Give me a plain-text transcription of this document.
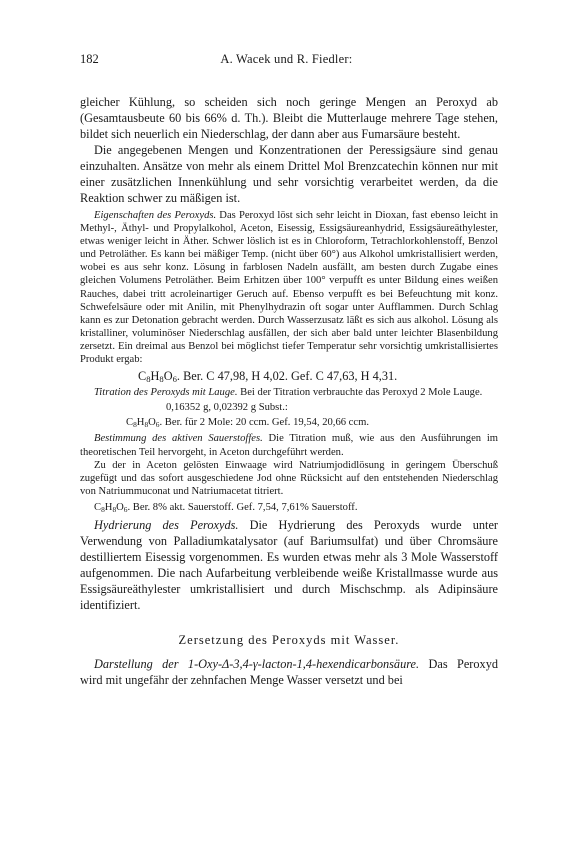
182	A. Wacek und R. Fiedler:

gleicher Kühlung, so scheiden sich noch geringe Mengen an Peroxyd ab (Gesamtausbeute 60 bis 66% d. Th.). Bleibt die Mutterlauge mehrere Tage stehen, bildet sich neuerlich ein Niederschlag, der dann aber aus Fumarsäure besteht.

Die angegebenen Mengen und Konzentrationen der Peressigsäure sind genau einzuhalten. Ansätze von mehr als einem Drittel Mol Brenzcatechin können nur mit einer zusätzlichen Innenkühlung und sehr vorsichtig verarbeitet werden, da die Reaktion schwer zu mäßigen ist.

Eigenschaften des Peroxyds. Das Peroxyd löst sich sehr leicht in Dioxan, fast ebenso leicht in Methyl-, Äthyl- und Propylalkohol, Aceton, Eisessig, Essigsäureanhydrid, Essigsäureäthylester, etwas weniger leicht in Äther. Schwer löslich ist es in Chloroform, Tetrachlorkohlenstoff, Benzol und Petroläther. Es kann bei mäßiger Temp. (nicht über 60°) aus Alkohol umkristallisiert werden, wobei es aus sehr konz. Lösung in farblosen Nadeln ausfällt, am besten durch Zugabe eines gleichen Volumens Petroläther. Beim Erhitzen über 100° verpufft es unter Bildung eines weißen Rauches, dabei tritt acroleinartiger Geruch auf. Ebenso verpufft es bei Befeuchtung mit konz. Schwefelsäure oder mit Anilin, mit Phenylhydrazin oft sogar unter Aufflammen. Durch Schlag kann es zur Detonation gebracht werden. Durch Wasserzusatz läßt es sich aus alkohol. Lösung als kristalliner, voluminöser Niederschlag ausfällen, der sich aber bald unter leichter Blasenbildung zersetzt. Ein dreimal aus Benzol bei möglichst tiefer Temperatur sehr vorsichtig umkristallisiertes Produkt ergab:

$C_8H_8O_6$. Ber. C 47,98, H 4,02. Gef. C 47,63, H 4,31.

Titration des Peroxyds mit Lauge. Bei der Titration verbrauchte das Peroxyd 2 Mole Lauge.

0,16352 g, 0,02392 g Subst.:

$C_8H_8O_6$. Ber. für 2 Mole: 20 ccm. Gef. 19,54, 20,66 ccm.

Bestimmung des aktiven Sauerstoffes. Die Titration muß, wie aus den Ausführungen im theoretischen Teil hervorgeht, in Aceton durchgeführt werden.

Zu der in Aceton gelösten Einwaage wird Natriumjodidlösung in geringem Überschuß zugefügt und das sofort ausgeschiedene Jod ohne Rücksicht auf den entstehenden Niederschlag von Natriummuconat und Natriumacetat titriert.

$C_8H_8O_6$. Ber. 8% akt. Sauerstoff. Gef. 7,54, 7,61% Sauerstoff.

Hydrierung des Peroxyds. Die Hydrierung des Peroxyds wurde unter Verwendung von Palladiumkatalysator (auf Bariumsulfat) und über Chromsäure destilliertem Eisessig vorgenommen. Es wurden etwas mehr als 3 Mole Wasserstoff aufgenommen. Die nach Aufarbeitung verbleibende weiße Kristallmasse wurde aus Essigsäureäthylester umkristallisiert und durch Mischschmp. als Adipinsäure identifiziert.

Zersetzung des Peroxyds mit Wasser.

Darstellung der 1-Oxy-Δ-3,4-γ-lacton-1,4-hexendicarbonsäure. Das Peroxyd wird mit ungefähr der zehnfachen Menge Wasser versetzt und bei
